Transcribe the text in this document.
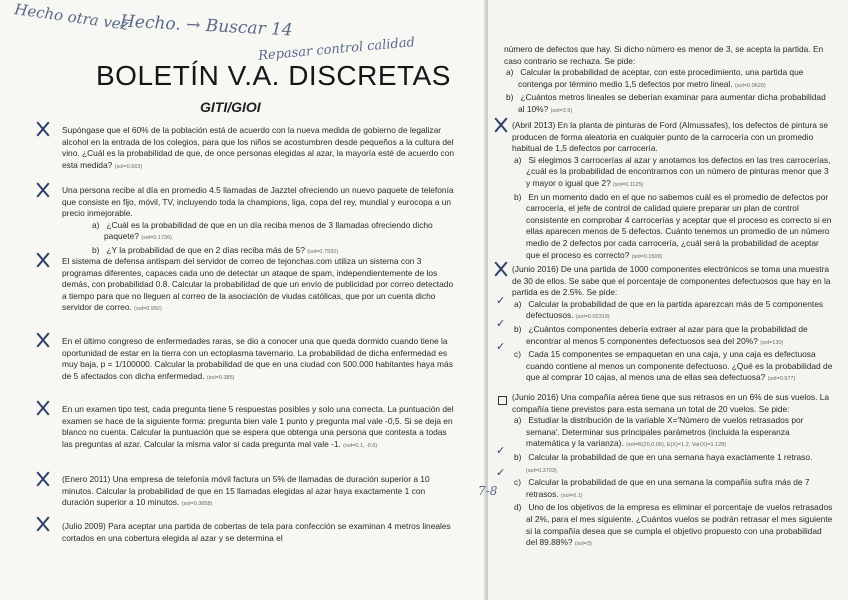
Hecho otra vez
Hecho. → Buscar 14
Repasar control calidad
BOLETÍN V.A. DISCRETAS
GITI/GIOI
Supóngase que el 60% de la población está de acuerdo con la nueva medida de gobierno de legalizar alcohol en la entrada de los colegios, para que los niños se acostumbren desde pequeños a la cultura del vino. ¿Cuál es la probabilidad de que, de once personas elegidas al azar, la mayoría esté de acuerdo con esta medida? (sol=0.663)
Una persona recibe al día en promedio 4.5 llamadas de Jazztel ofreciendo un nuevo paquete de telefonía que consiste en fijo, móvil, TV, incluyendo toda la champions, liga, copa del rey, mundial y eurocopa a un precio inmejorable.
a) ¿Cuál es la probabilidad de que en un día reciba menos de 3 llamadas ofreciendo dicho paquete? (sol=0.1736)
b) ¿Y la probabilidad de que en 2 días reciba más de 5? (sol=0.7932)
El sistema de defensa antispam del servidor de correo de tejonchas.com utiliza un sistema con 3 programas diferentes, capaces cada uno de detectar un ataque de spam, independientemente de los demás, con probabilidad 0.8. Calcular la probabilidad de que un envío de publicidad por correo detectado a tiempo para que no lleguen al correo de la asociación de viudas católicas, que por un cuenta dicho servidor de correo. (sol=0.992)
En el último congreso de enfermedades raras, se dio a conocer una que queda dormido cuando tiene la oportunidad de estar en la tierra con un ectoplasma tavernario. La probabilidad de dicha enfermedad es muy baja, p = 1/100000. Calcular la probabilidad de que en una ciudad con 500.000 habitantes haya más de 5 afectados con dicha enfermedad. (sol=0.385)
En un examen tipo test, cada pregunta tiene 5 respuestas posibles y solo una correcta. La puntuación del examen se hace de la siguiente forma: pregunta bien vale 1 punto y pregunta mal vale -0,5. Si se deja en blanco no cuenta. Calcular la puntuación que se espera que obtenga una persona que contesta a todas las preguntas al azar. Calcular la misma valor si cada pregunta mal vale -1. (sol=0.1, -0.6)
(Enero 2011) Una empresa de telefonía móvil factura un 5% de llamadas de duración superior a 10 minutos. Calcular la probabilidad de que en 15 llamadas elegidas al azar haya exactamente 1 con duración superior a 10 minutos. (sol=0.3658)
(Julio 2009) Para aceptar una partida de cobertas de tela para confección se examinan 4 metros lineales cortados en una cobertura elegida al azar y se determina el
número de defectos que hay. Si dicho número es menor de 3, se acepta la partida. En caso contrario se rechaza. Se pide:
a) Calcular la probabilidad de aceptar, con este procedimiento, una partida que contenga por término medio 1,5 defectos por metro lineal. (sol=0.0620)
b) ¿Cuántos metros lineales se deberían examinar para aumentar dicha probabilidad al 10%? (sol=3.9)
(Abril 2013) En la planta de pinturas de Ford (Almussafes), los defectos de pintura se producen de forma aleatoria en cualquier punto de la carrocería con un promedio habitual de 1,5 defectos por carrocería.
a) Si elegimos 3 carrocerías al azar y anotamos los defectos en las tres carrocerías, ¿cuál es la probabilidad de encontrarnos con un número de pinturas menor que 3 y mayor o igual que 2? (sol=0.1125)
b) En un momento dado en el que no sabemos cuál es el promedio de defectos por carrocería, el jefe de control de calidad quiere preparar un plan de control consistente en comprobar 4 carrocerías y aceptar que el proceso es correcto si en ellas aparecen menos de 5 defectos. Cuánto tenemos un promedio de un número medio de 2 defectos por cada carrocería, ¿cuál será la probabilidad de aceptar que el proceso es correcto? (sol=0.1509)
(Junio 2016) De una partida de 1000 componentes electrónicos se toma una muestra de 30 de ellos. Se sabe que el porcentaje de componentes defectuosos que hay en la partida es de 2.5%. Se pide:
a) Calcular la probabilidad de que en la partida aparezcan más de 5 componentes defectuosos. (sol=0.02319)
b) ¿Cuántos componentes debería extraer al azar para que la probabilidad de encontrar al menos 5 componentes defectuosos sea del 20%? (sol=130)
c) Cada 15 componentes se empaquetan en una caja, y una caja es defectuosa cuando contiene al menos un componente defectuoso. ¿Qué es la probabilidad de que al comprar 10 cajas, al menos una de ellas sea defectuosa? (sol=0.977)
✓
✓
✓
(Junio 2016) Una compañía aérea tiene que sus retrasos en un 6% de sus vuelos. La compañía tiene previstos para esta semana un total de 20 vuelos. Se pide:
a) Estudiar la distribución de la variable X='Número de vuelos retrasados por semana'. Determinar sus principales parámetros (incluida la esperanza matemática y la varianza). (sol=B(20,0.06), E(X)=1.2, Var(X)=1.128)
b) Calcular la probabilidad de que en una semana haya exactamente 1 retraso. (sol=0.3703)
c) Calcular la probabilidad de que en una semana la compañía sufra más de 7 retrasos. (sol=0.1)
d) Uno de los objetivos de la empresa es eliminar el porcentaje de vuelos retrasados al 2%, para el mes siguiente. ¿Cuántos vuelos se podrán retrasar el mes siguiente si la compañía desea que se cumpla el objetivo propuesto con una probabilidad del 89.88%? (sol=3)
✓
✓
7-8
